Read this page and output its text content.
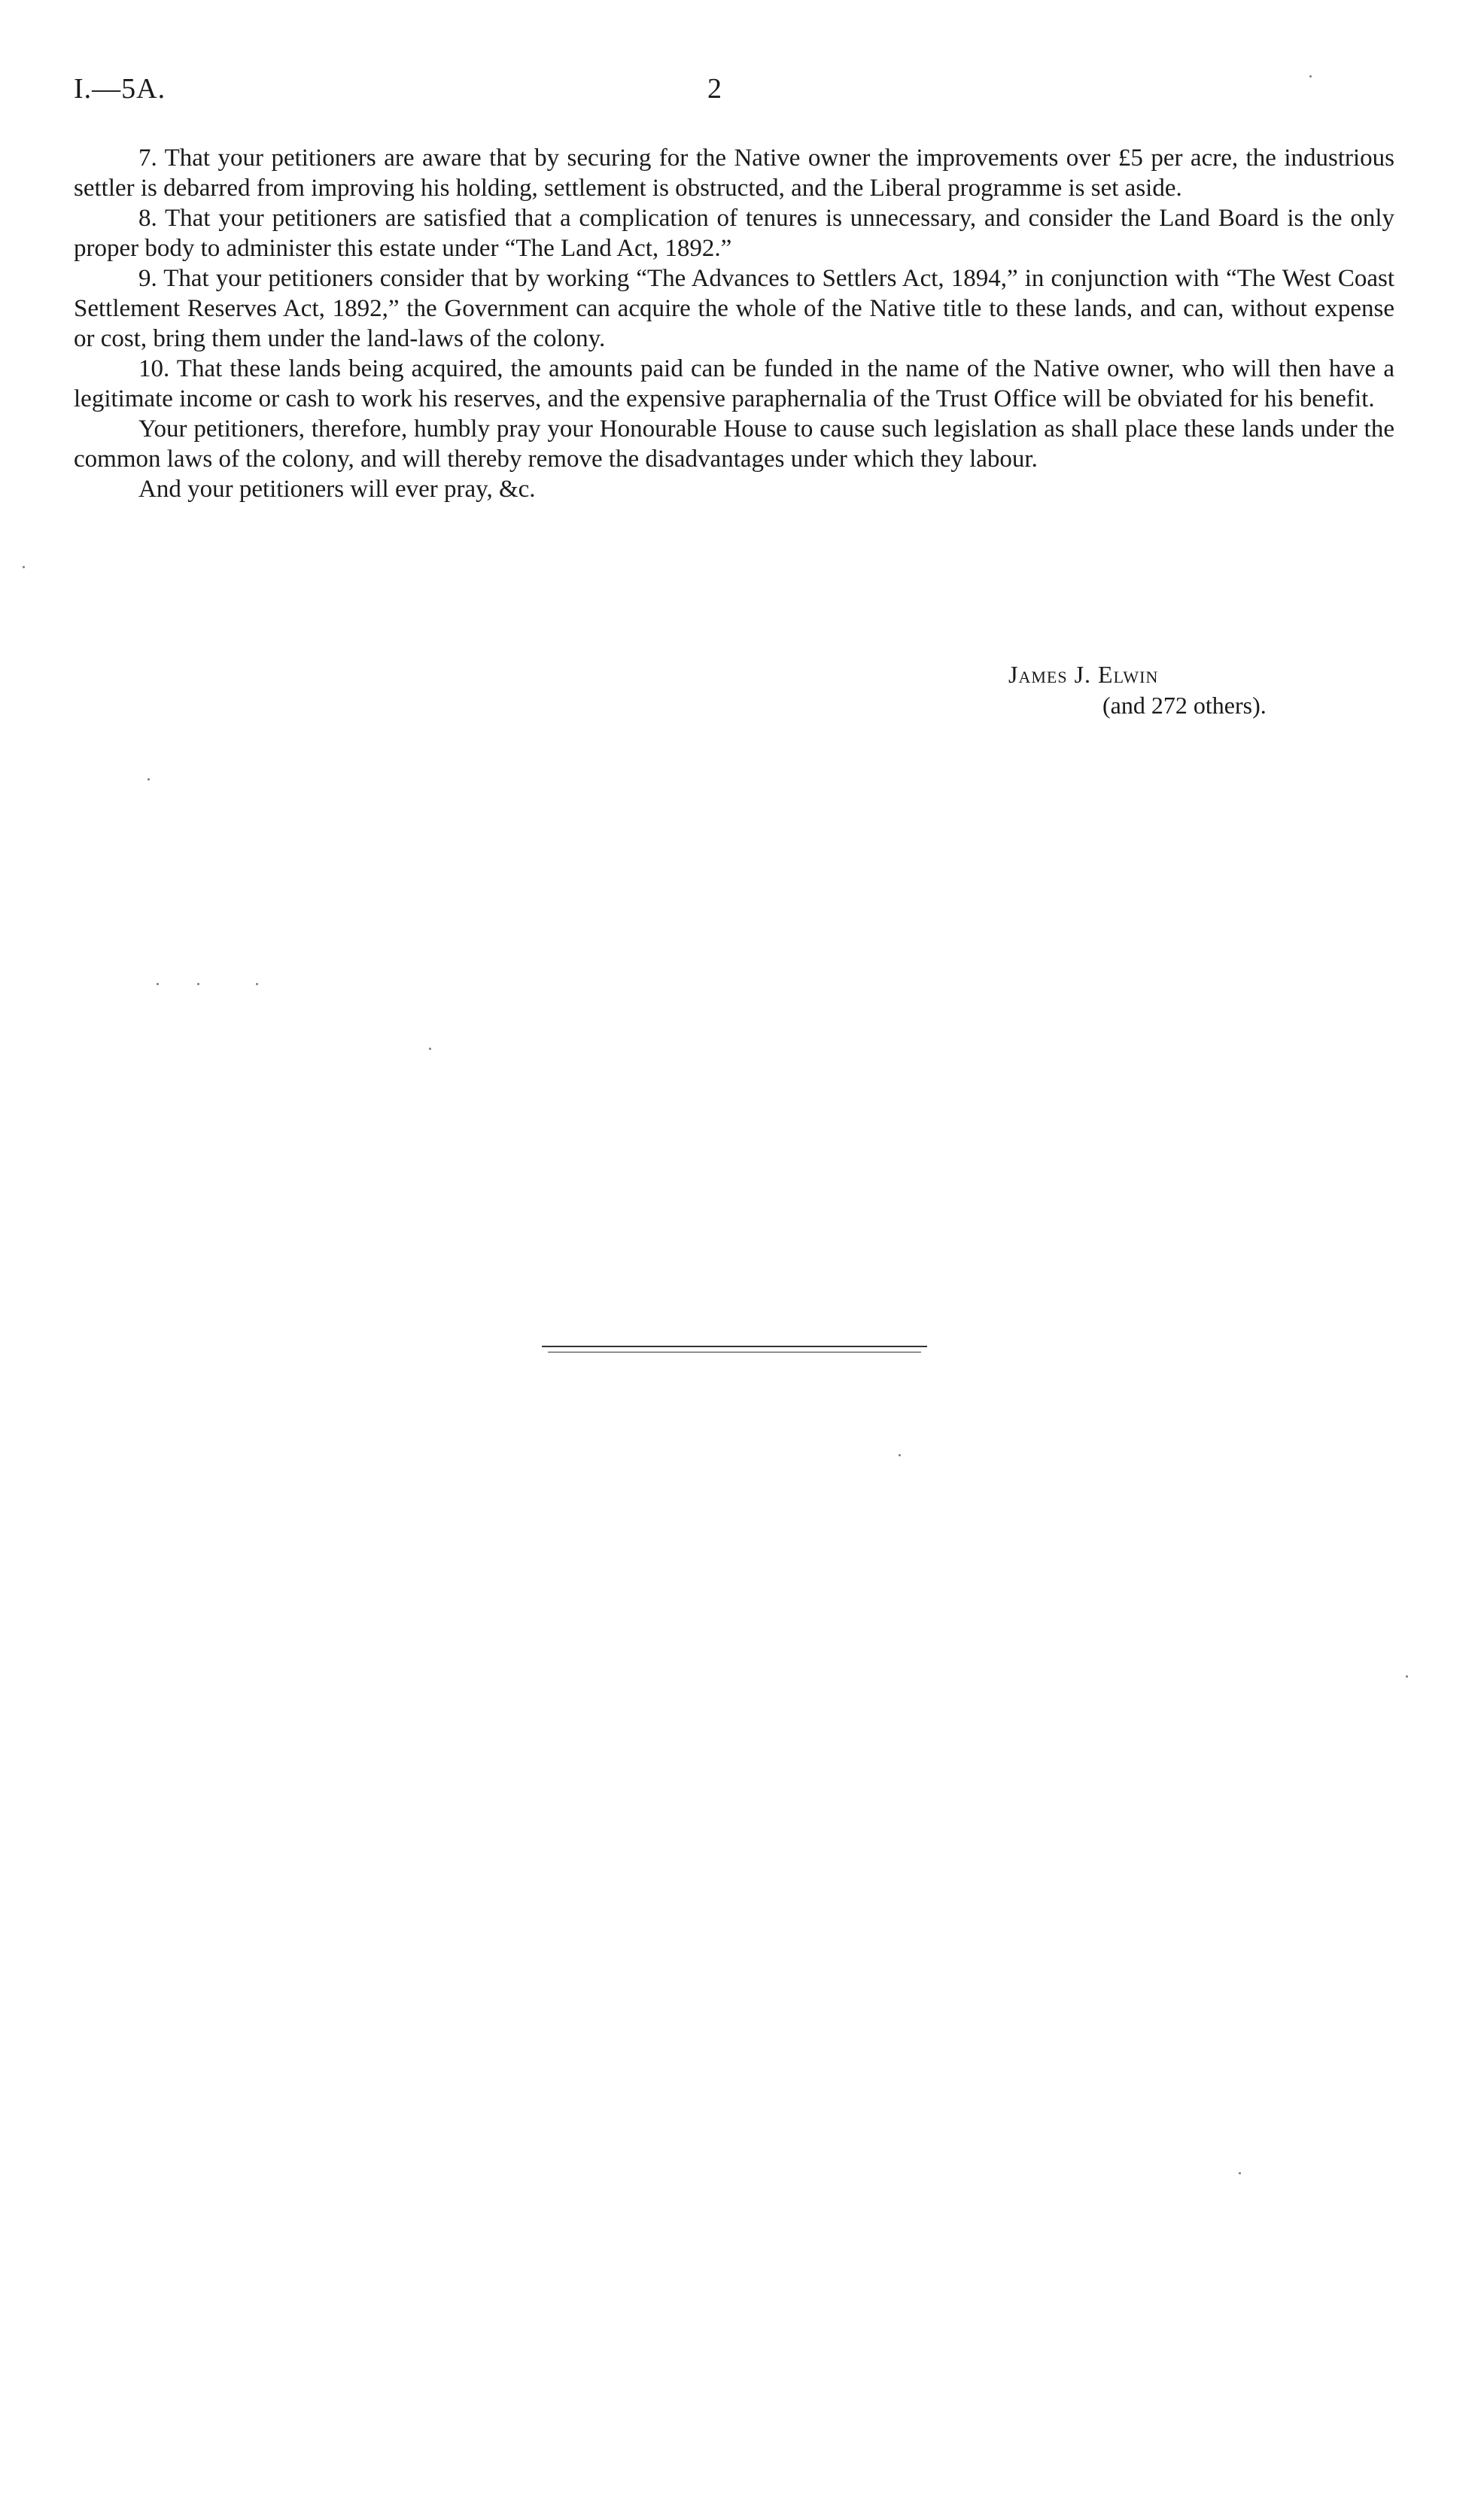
I.—5A.	2

7. That your petitioners are aware that by securing for the Native owner the improvements over £5 per acre, the industrious settler is debarred from improving his holding, settlement is obstructed, and the Liberal programme is set aside.

8. That your petitioners are satisfied that a complication of tenures is unnecessary, and consider the Land Board is the only proper body to administer this estate under “The Land Act, 1892.”

9. That your petitioners consider that by working “The Advances to Settlers Act, 1894,” in conjunction with “The West Coast Settlement Reserves Act, 1892,” the Government can acquire the whole of the Native title to these lands, and can, without expense or cost, bring them under the land-laws of the colony.

10. That these lands being acquired, the amounts paid can be funded in the name of the Native owner, who will then have a legitimate income or cash to work his reserves, and the expensive paraphernalia of the Trust Office will be obviated for his benefit.

Your petitioners, therefore, humbly pray your Honourable House to cause such legislation as shall place these lands under the common laws of the colony, and will thereby remove the disadvantages under which they labour.

And your petitioners will ever pray, &c.

James J. Elwin
(and 272 others).
